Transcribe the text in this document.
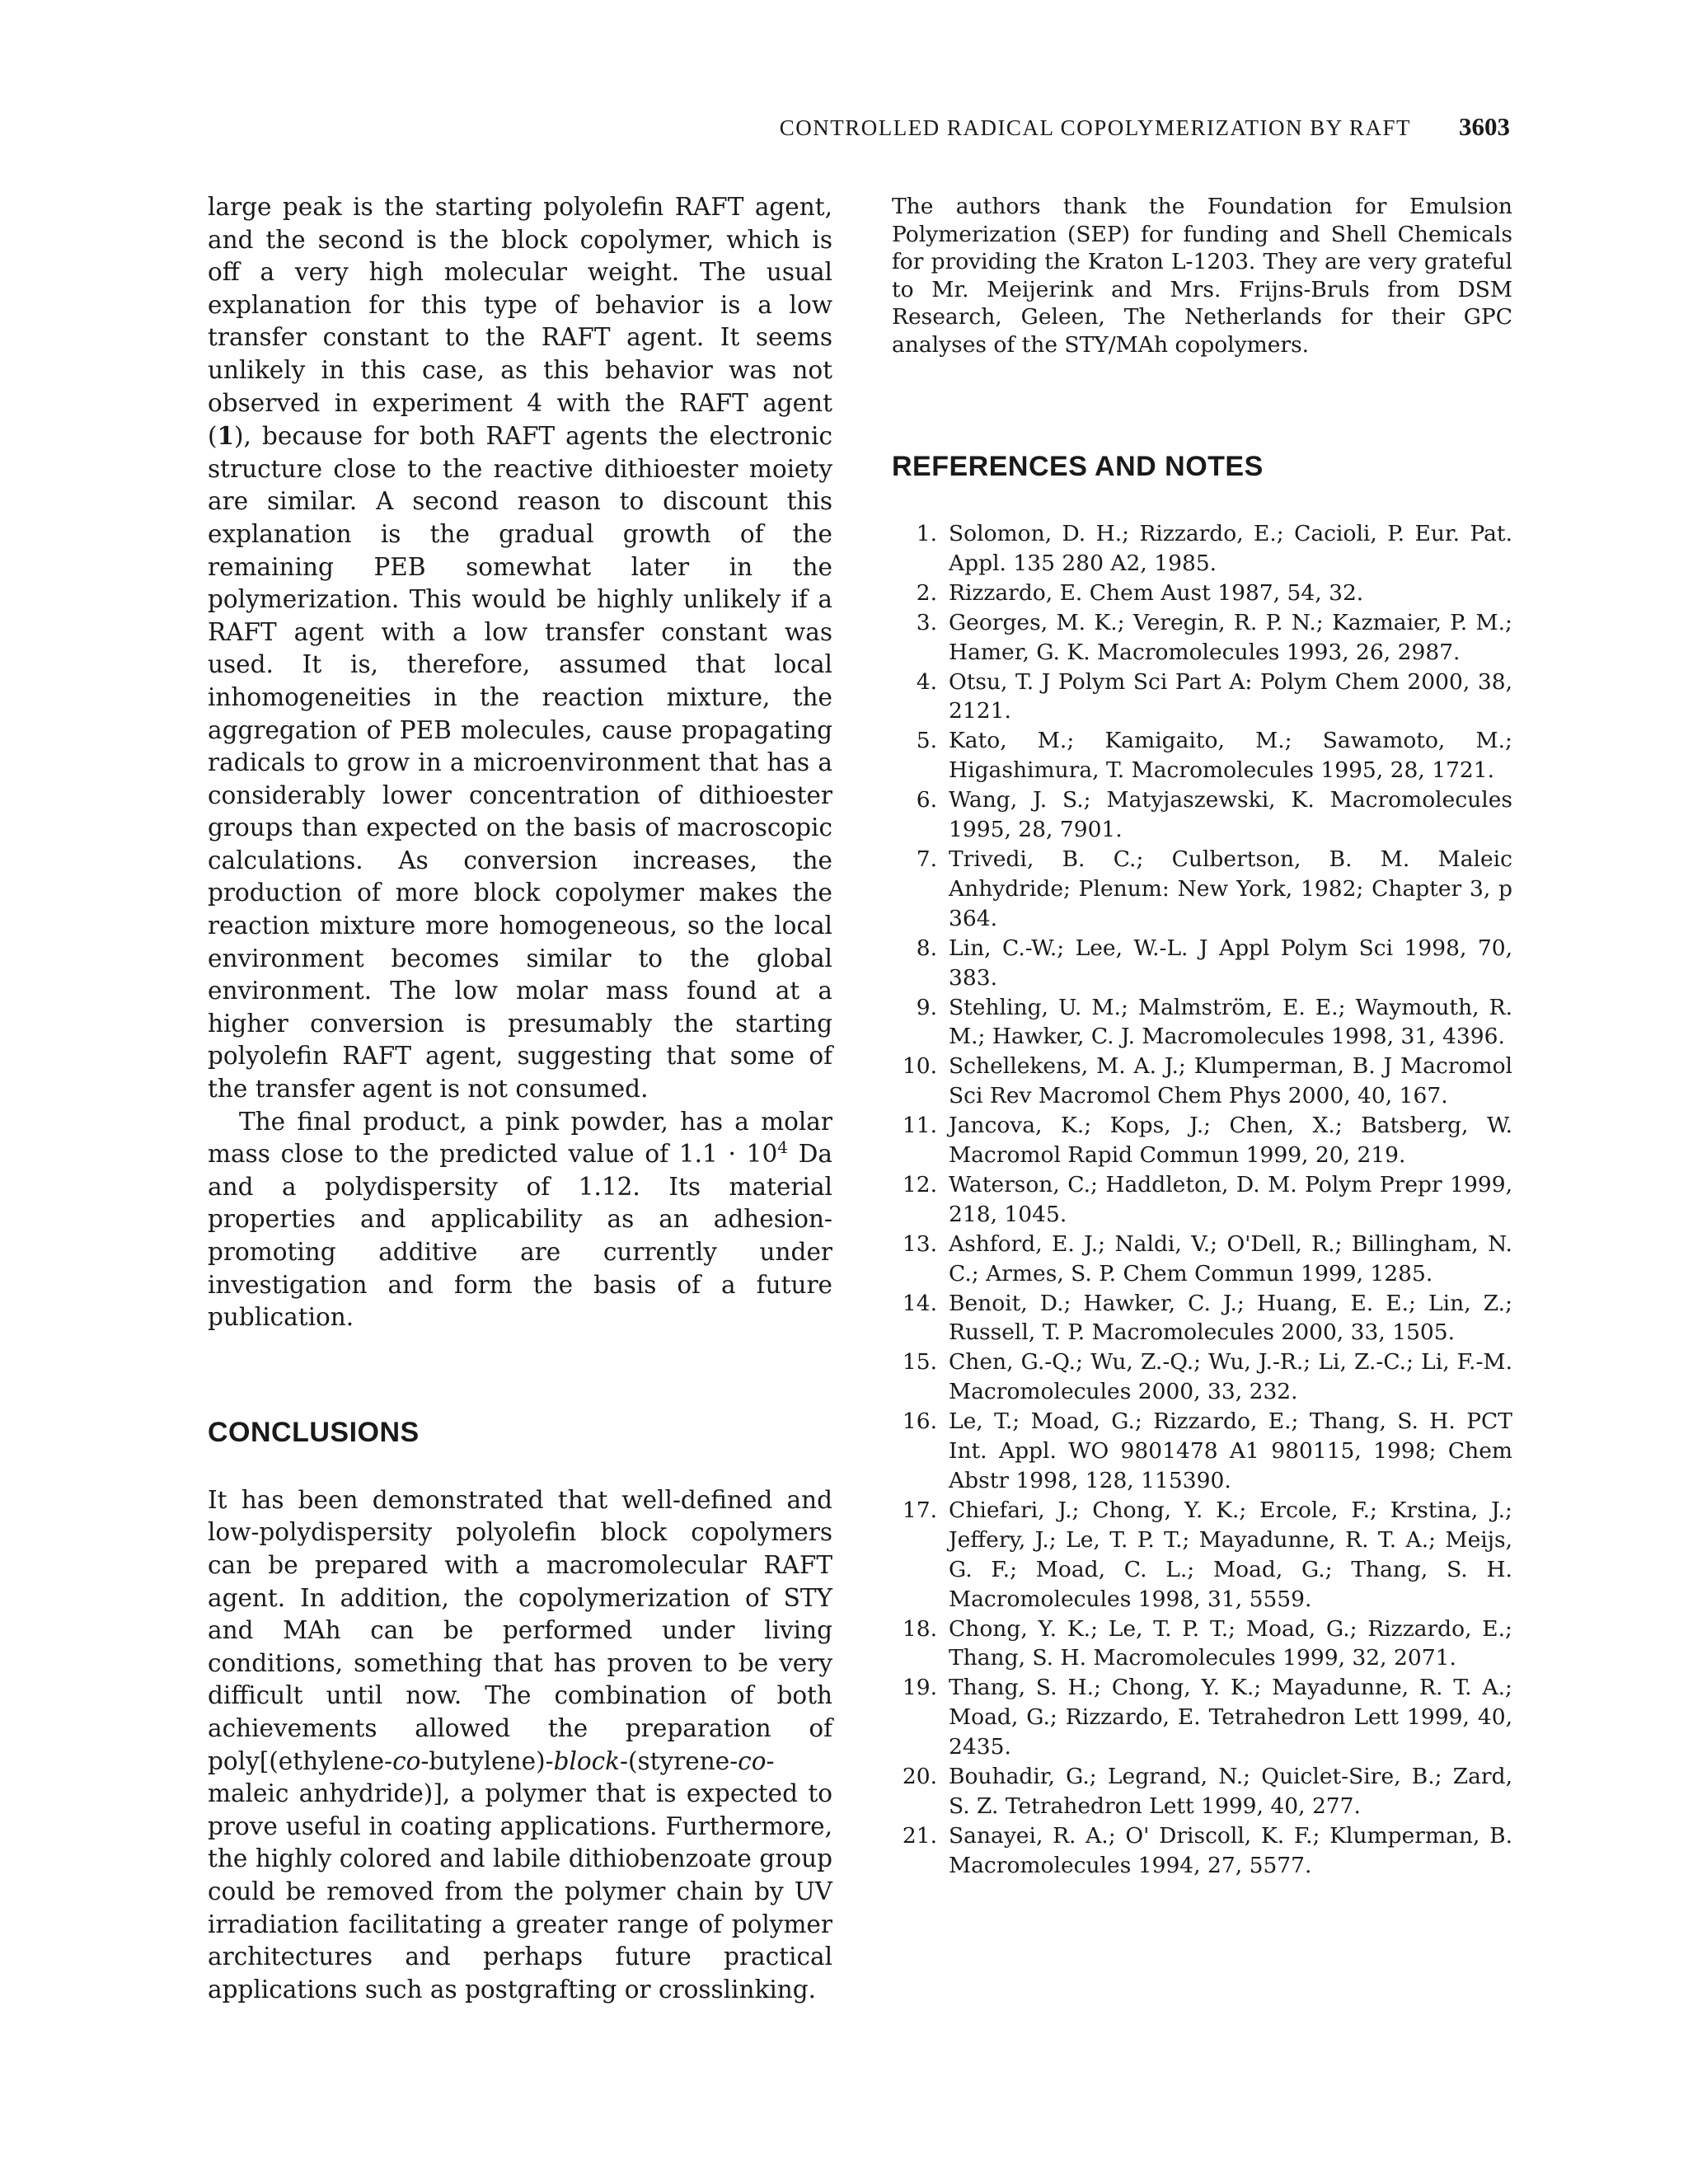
CONTROLLED RADICAL COPOLYMERIZATION BY RAFT 3603

large peak is the starting polyolefin RAFT agent, and the second is the block copolymer, which is off a very high molecular weight. The usual explanation for this type of behavior is a low transfer constant to the RAFT agent. It seems unlikely in this case, as this behavior was not observed in experiment 4 with the RAFT agent (1), because for both RAFT agents the electronic structure close to the reactive dithioester moiety are similar. A second reason to discount this explanation is the gradual growth of the remaining PEB somewhat later in the polymerization. This would be highly unlikely if a RAFT agent with a low transfer constant was used. It is, therefore, assumed that local inhomogeneities in the reaction mixture, the aggregation of PEB molecules, cause propagating radicals to grow in a microenvironment that has a considerably lower concentration of dithioester groups than expected on the basis of macroscopic calculations. As conversion increases, the production of more block copolymer makes the reaction mixture more homogeneous, so the local environment becomes similar to the global environment. The low molar mass found at a higher conversion is presumably the starting polyolefin RAFT agent, suggesting that some of the transfer agent is not consumed.

The final product, a pink powder, has a molar mass close to the predicted value of $1.1 \cdot 10^4$ Da and a polydispersity of 1.12. Its material properties and applicability as an adhesion-promoting additive are currently under investigation and form the basis of a future publication.

CONCLUSIONS

It has been demonstrated that well-defined and low-polydispersity polyolefin block copolymers can be prepared with a macromolecular RAFT agent. In addition, the copolymerization of STY and MAh can be performed under living conditions, something that has proven to be very difficult until now. The combination of both achievements allowed the preparation of poly[(ethylene-co-butylene)-block-(styrene-co-maleic anhydride)], a polymer that is expected to prove useful in coating applications. Furthermore, the highly colored and labile dithiobenzoate group could be removed from the polymer chain by UV irradiation facilitating a greater range of polymer architectures and perhaps future practical applications such as postgrafting or crosslinking.

The authors thank the Foundation for Emulsion Polymerization (SEP) for funding and Shell Chemicals for providing the Kraton L-1203. They are very grateful to Mr. Meijerink and Mrs. Frijns-Bruls from DSM Research, Geleen, The Netherlands for their GPC analyses of the STY/MAh copolymers.

REFERENCES AND NOTES
1. Solomon, D. H.; Rizzardo, E.; Cacioli, P. Eur. Pat. Appl. 135 280 A2, 1985.
2. Rizzardo, E. Chem Aust 1987, 54, 32.
3. Georges, M. K.; Veregin, R. P. N.; Kazmaier, P. M.; Hamer, G. K. Macromolecules 1993, 26, 2987.
4. Otsu, T. J Polym Sci Part A: Polym Chem 2000, 38, 2121.
5. Kato, M.; Kamigaito, M.; Sawamoto, M.; Higashimura, T. Macromolecules 1995, 28, 1721.
6. Wang, J. S.; Matyjaszewski, K. Macromolecules 1995, 28, 7901.
7. Trivedi, B. C.; Culbertson, B. M. Maleic Anhydride; Plenum: New York, 1982; Chapter 3, p 364.
8. Lin, C.-W.; Lee, W.-L. J Appl Polym Sci 1998, 70, 383.
9. Stehling, U. M.; Malmström, E. E.; Waymouth, R. M.; Hawker, C. J. Macromolecules 1998, 31, 4396.
10. Schellekens, M. A. J.; Klumperman, B. J Macromol Sci Rev Macromol Chem Phys 2000, 40, 167.
11. Jancova, K.; Kops, J.; Chen, X.; Batsberg, W. Macromol Rapid Commun 1999, 20, 219.
12. Waterson, C.; Haddleton, D. M. Polym Prepr 1999, 218, 1045.
13. Ashford, E. J.; Naldi, V.; O'Dell, R.; Billingham, N. C.; Armes, S. P. Chem Commun 1999, 1285.
14. Benoit, D.; Hawker, C. J.; Huang, E. E.; Lin, Z.; Russell, T. P. Macromolecules 2000, 33, 1505.
15. Chen, G.-Q.; Wu, Z.-Q.; Wu, J.-R.; Li, Z.-C.; Li, F.-M. Macromolecules 2000, 33, 232.
16. Le, T.; Moad, G.; Rizzardo, E.; Thang, S. H. PCT Int. Appl. WO 9801478 A1 980115, 1998; Chem Abstr 1998, 128, 115390.
17. Chiefari, J.; Chong, Y. K.; Ercole, F.; Krstina, J.; Jeffery, J.; Le, T. P. T.; Mayadunne, R. T. A.; Meijs, G. F.; Moad, C. L.; Moad, G.; Thang, S. H. Macromolecules 1998, 31, 5559.
18. Chong, Y. K.; Le, T. P. T.; Moad, G.; Rizzardo, E.; Thang, S. H. Macromolecules 1999, 32, 2071.
19. Thang, S. H.; Chong, Y. K.; Mayadunne, R. T. A.; Moad, G.; Rizzardo, E. Tetrahedron Lett 1999, 40, 2435.
20. Bouhadir, G.; Legrand, N.; Quiclet-Sire, B.; Zard, S. Z. Tetrahedron Lett 1999, 40, 277.
21. Sanayei, R. A.; O' Driscoll, K. F.; Klumperman, B. Macromolecules 1994, 27, 5577.
